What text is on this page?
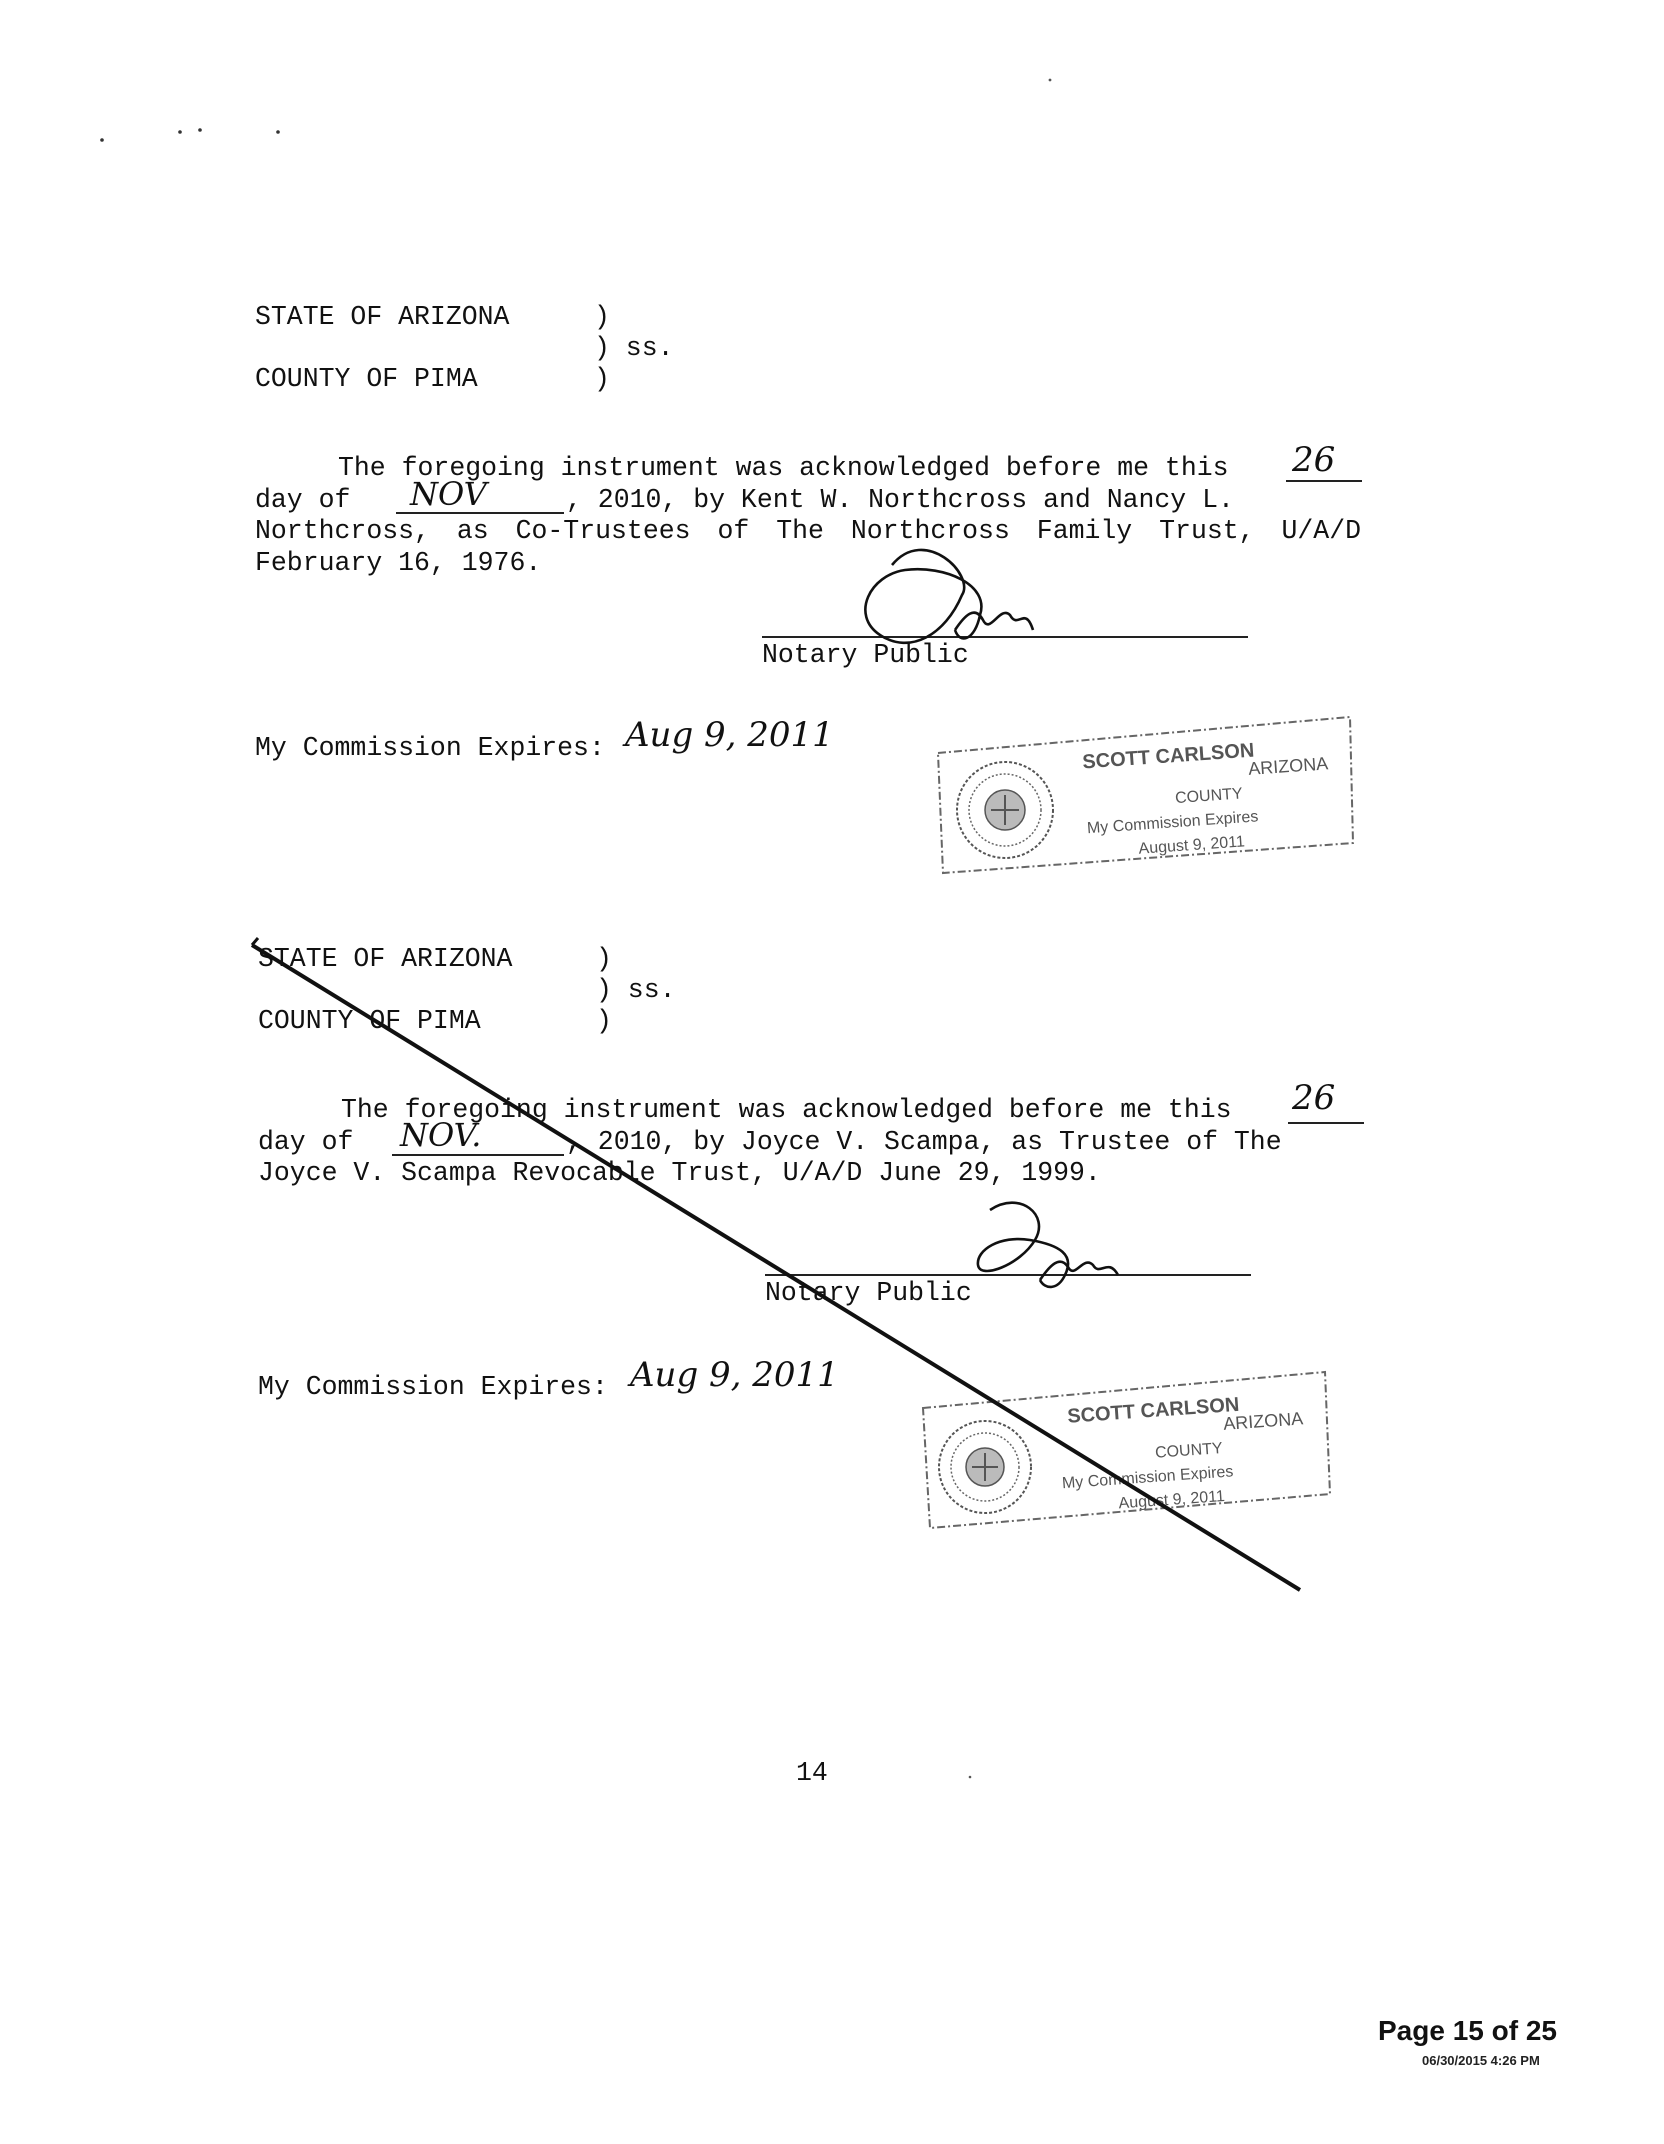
STATE OF ARIZONA	)
) ss.
COUNTY OF PIMA	)
The foregoing instrument was acknowledged before me this 26
day of NOV	, 2010, by Kent W. Northcross and Nancy L.
Northcross, as Co-Trustees of The Northcross Family Trust, U/A/D
February 16, 1976.
Notary Public
My Commission Expires: Aug 9, 2011
SCOTT CARLSON
ARIZONA
COUNTY
My Commission Expires
August 9, 2011
STATE OF ARIZONA	)
) ss.
COUNTY OF PIMA	)
The foregoing instrument was acknowledged before me this 26
day of NOV.	, 2010, by Joyce V. Scampa, as Trustee of The
Joyce V. Scampa Revocable Trust, U/A/D June 29, 1999.
Notary Public
My Commission Expires: Aug 9, 2011
SCOTT CARLSON
ARIZONA
COUNTY
My Commission Expires
August 9, 2011
14
Page 15 of 25
06/30/2015 4:26 PM
